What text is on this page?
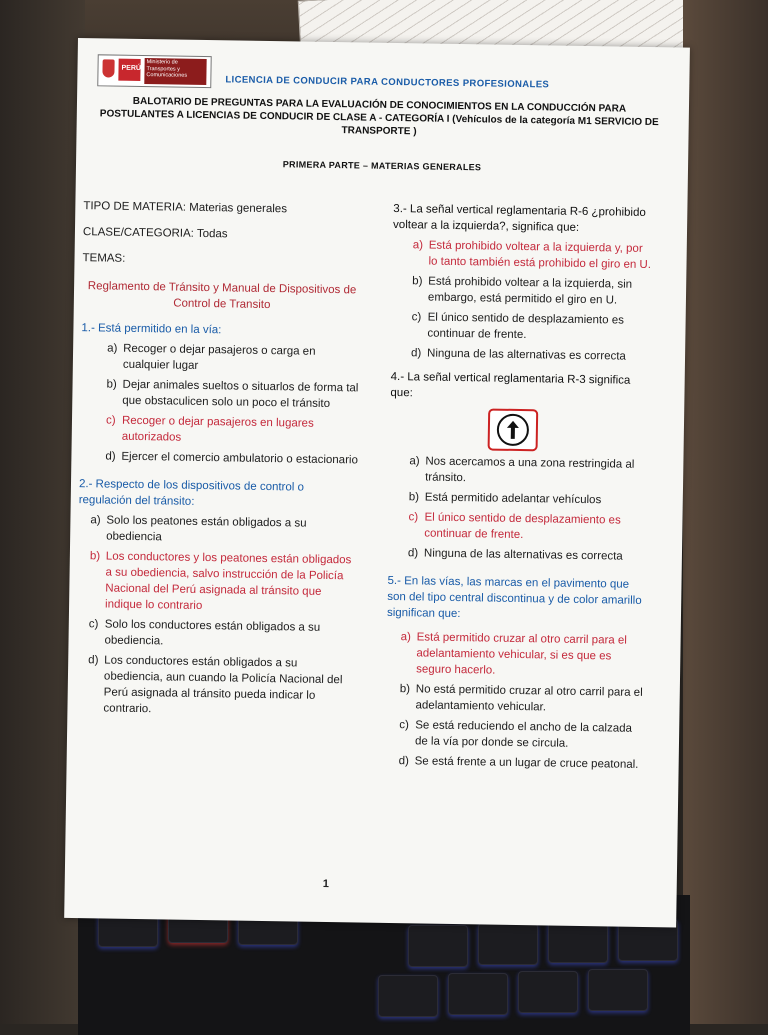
PERÚ
Ministerio de Transportes y Comunicaciones	LICENCIA DE CONDUCIR PARA CONDUCTORES PROFESIONALES
BALOTARIO DE PREGUNTAS PARA LA EVALUACIÓN DE CONOCIMIENTOS EN LA CONDUCCIÓN PARA POSTULANTES A LICENCIAS DE CONDUCIR DE CLASE A - CATEGORÍA I (Vehículos de la categoría M1 SERVICIO DE TRANSPORTE )
PRIMERA PARTE – MATERIAS GENERALES

TIPO DE MATERIA: Materias generales

CLASE/CATEGORIA: Todas

TEMAS:

Reglamento de Tránsito y Manual de Dispositivos de Control de Transito

1.- Está permitido en la vía:

a) Recoger o dejar pasajeros o carga en cualquier lugar
b) Dejar animales sueltos o situarlos de forma tal que obstaculicen solo un poco el tránsito
c) Recoger o dejar pasajeros en lugares autorizados
d) Ejercer el comercio ambulatorio o estacionario

2.- Respecto de los dispositivos de control o regulación del tránsito:

a) Solo los peatones están obligados a su obediencia
b) Los conductores y los peatones están obligados a su obediencia, salvo instrucción de la Policía Nacional del Perú asignada al tránsito que indique lo contrario
c) Solo los conductores están obligados a su obediencia.
d) Los conductores están obligados a su obediencia, aun cuando la Policía Nacional del Perú asignada al tránsito pueda indicar lo contrario.

3.- La señal vertical reglamentaria R-6 ¿prohibido voltear a la izquierda?, significa que:

a) Está prohibido voltear a la izquierda y, por lo tanto también está prohibido el giro en U.
b) Está prohibido voltear a la izquierda, sin embargo, está permitido el giro en U.
c) El único sentido de desplazamiento es continuar de frente.
d) Ninguna de las alternativas es correcta

4.- La señal vertical reglamentaria R-3 significa que:

a) Nos acercamos a una zona restringida al tránsito.
b) Está permitido adelantar vehículos
c) El único sentido de desplazamiento es continuar de frente.
d) Ninguna de las alternativas es correcta

5.- En las vías, las marcas en el pavimento que son del tipo central discontinua y de color amarillo significan que:

a) Está permitido cruzar al otro carril para el adelantamiento vehicular, si es que es seguro hacerlo.
b) No está permitido cruzar al otro carril para el adelantamiento vehicular.
c) Se está reduciendo el ancho de la calzada de la vía por donde se circula.
d) Se está frente a un lugar de cruce peatonal.
1
